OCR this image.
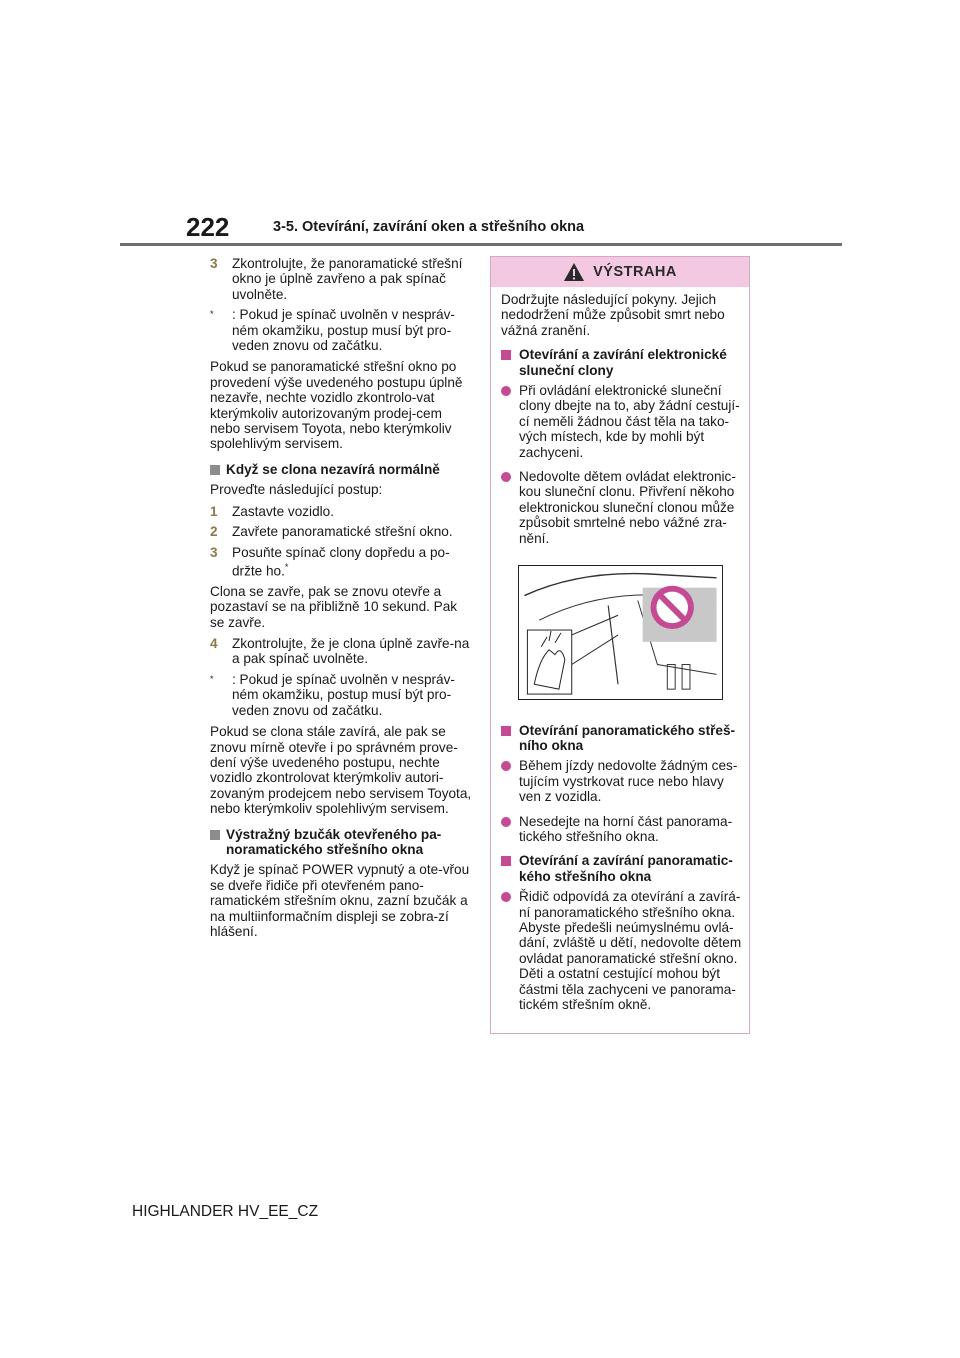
222	3-5. Otevírání, zavírání oken a střešního okna
3 Zkontrolujte, že panoramatické střešní okno je úplně zavřeno a pak spínač uvolněte.
* : Pokud je spínač uvolněn v nespráv-ném okamžiku, postup musí být pro-veden znovu od začátku.

Pokud se panoramatické střešní okno po provedení výše uvedeného postupu úplně nezavře, nechte vozidlo zkontrolo-vat kterýmkoliv autorizovaným prodej-cem nebo servisem Toyota, nebo kterýmkoliv spolehlivým servisem.

Když se clona nezavírá normálně

Proveďte následující postup:

1 Zastavte vozidlo.
2 Zavřete panoramatické střešní okno.
3 Posuňte spínač clony dopředu a po-držte ho.*

Clona se zavře, pak se znovu otevře a pozastaví se na přibližně 10 sekund. Pak se zavře.

4 Zkontrolujte, že je clona úplně zavře-na a pak spínač uvolněte.
* : Pokud je spínač uvolněn v nespráv-ném okamžiku, postup musí být pro-veden znovu od začátku.

Pokud se clona stále zavírá, ale pak se znovu mírně otevře i po správném prove-dení výše uvedeného postupu, nechte vozidlo zkontrolovat kterýmkoliv autori-zovaným prodejcem nebo servisem Toyota, nebo kterýmkoliv spolehlivým servisem.

Výstražný bzučák otevřeného pa-noramatického střešního okna

Když je spínač POWER vypnutý a ote-vřou se dveře řidiče při otevřeném pano-ramatickém střešním oknu, zazní bzučák a na multiinformačním displeji se zobra-zí hlášení.

VÝSTRAHA

Dodržujte následující pokyny. Jejich nedodržení může způsobit smrt nebo vážná zranění.

Otevírání a zavírání elektronické sluneční clony
Při ovládání elektronické sluneční clony dbejte na to, aby žádní cestují-cí neměli žádnou část těla na tako-vých místech, kde by mohli být zachyceni.
Nedovolte dětem ovládat elektronic-kou sluneční clonu. Přivření někoho elektronickou sluneční clonou může způsobit smrtelné nebo vážné zra-nění.
Otevírání panoramatického střeš-ního okna
Během jízdy nedovolte žádným ces-tujícím vystrkovat ruce nebo hlavy ven z vozidla.
Nesedejte na horní část panorama-tického střešního okna.
Otevírání a zavírání panoramatic-kého střešního okna
Řidič odpovídá za otevírání a zavírá-ní panoramatického střešního okna. Abyste předešli neúmyslnému ovlá-dání, zvláště u dětí, nedovolte dětem ovládat panoramatické střešní okno. Děti a ostatní cestující mohou být částmi těla zachyceni ve panorama-tickém střešním okně.
HIGHLANDER HV_EE_CZ
